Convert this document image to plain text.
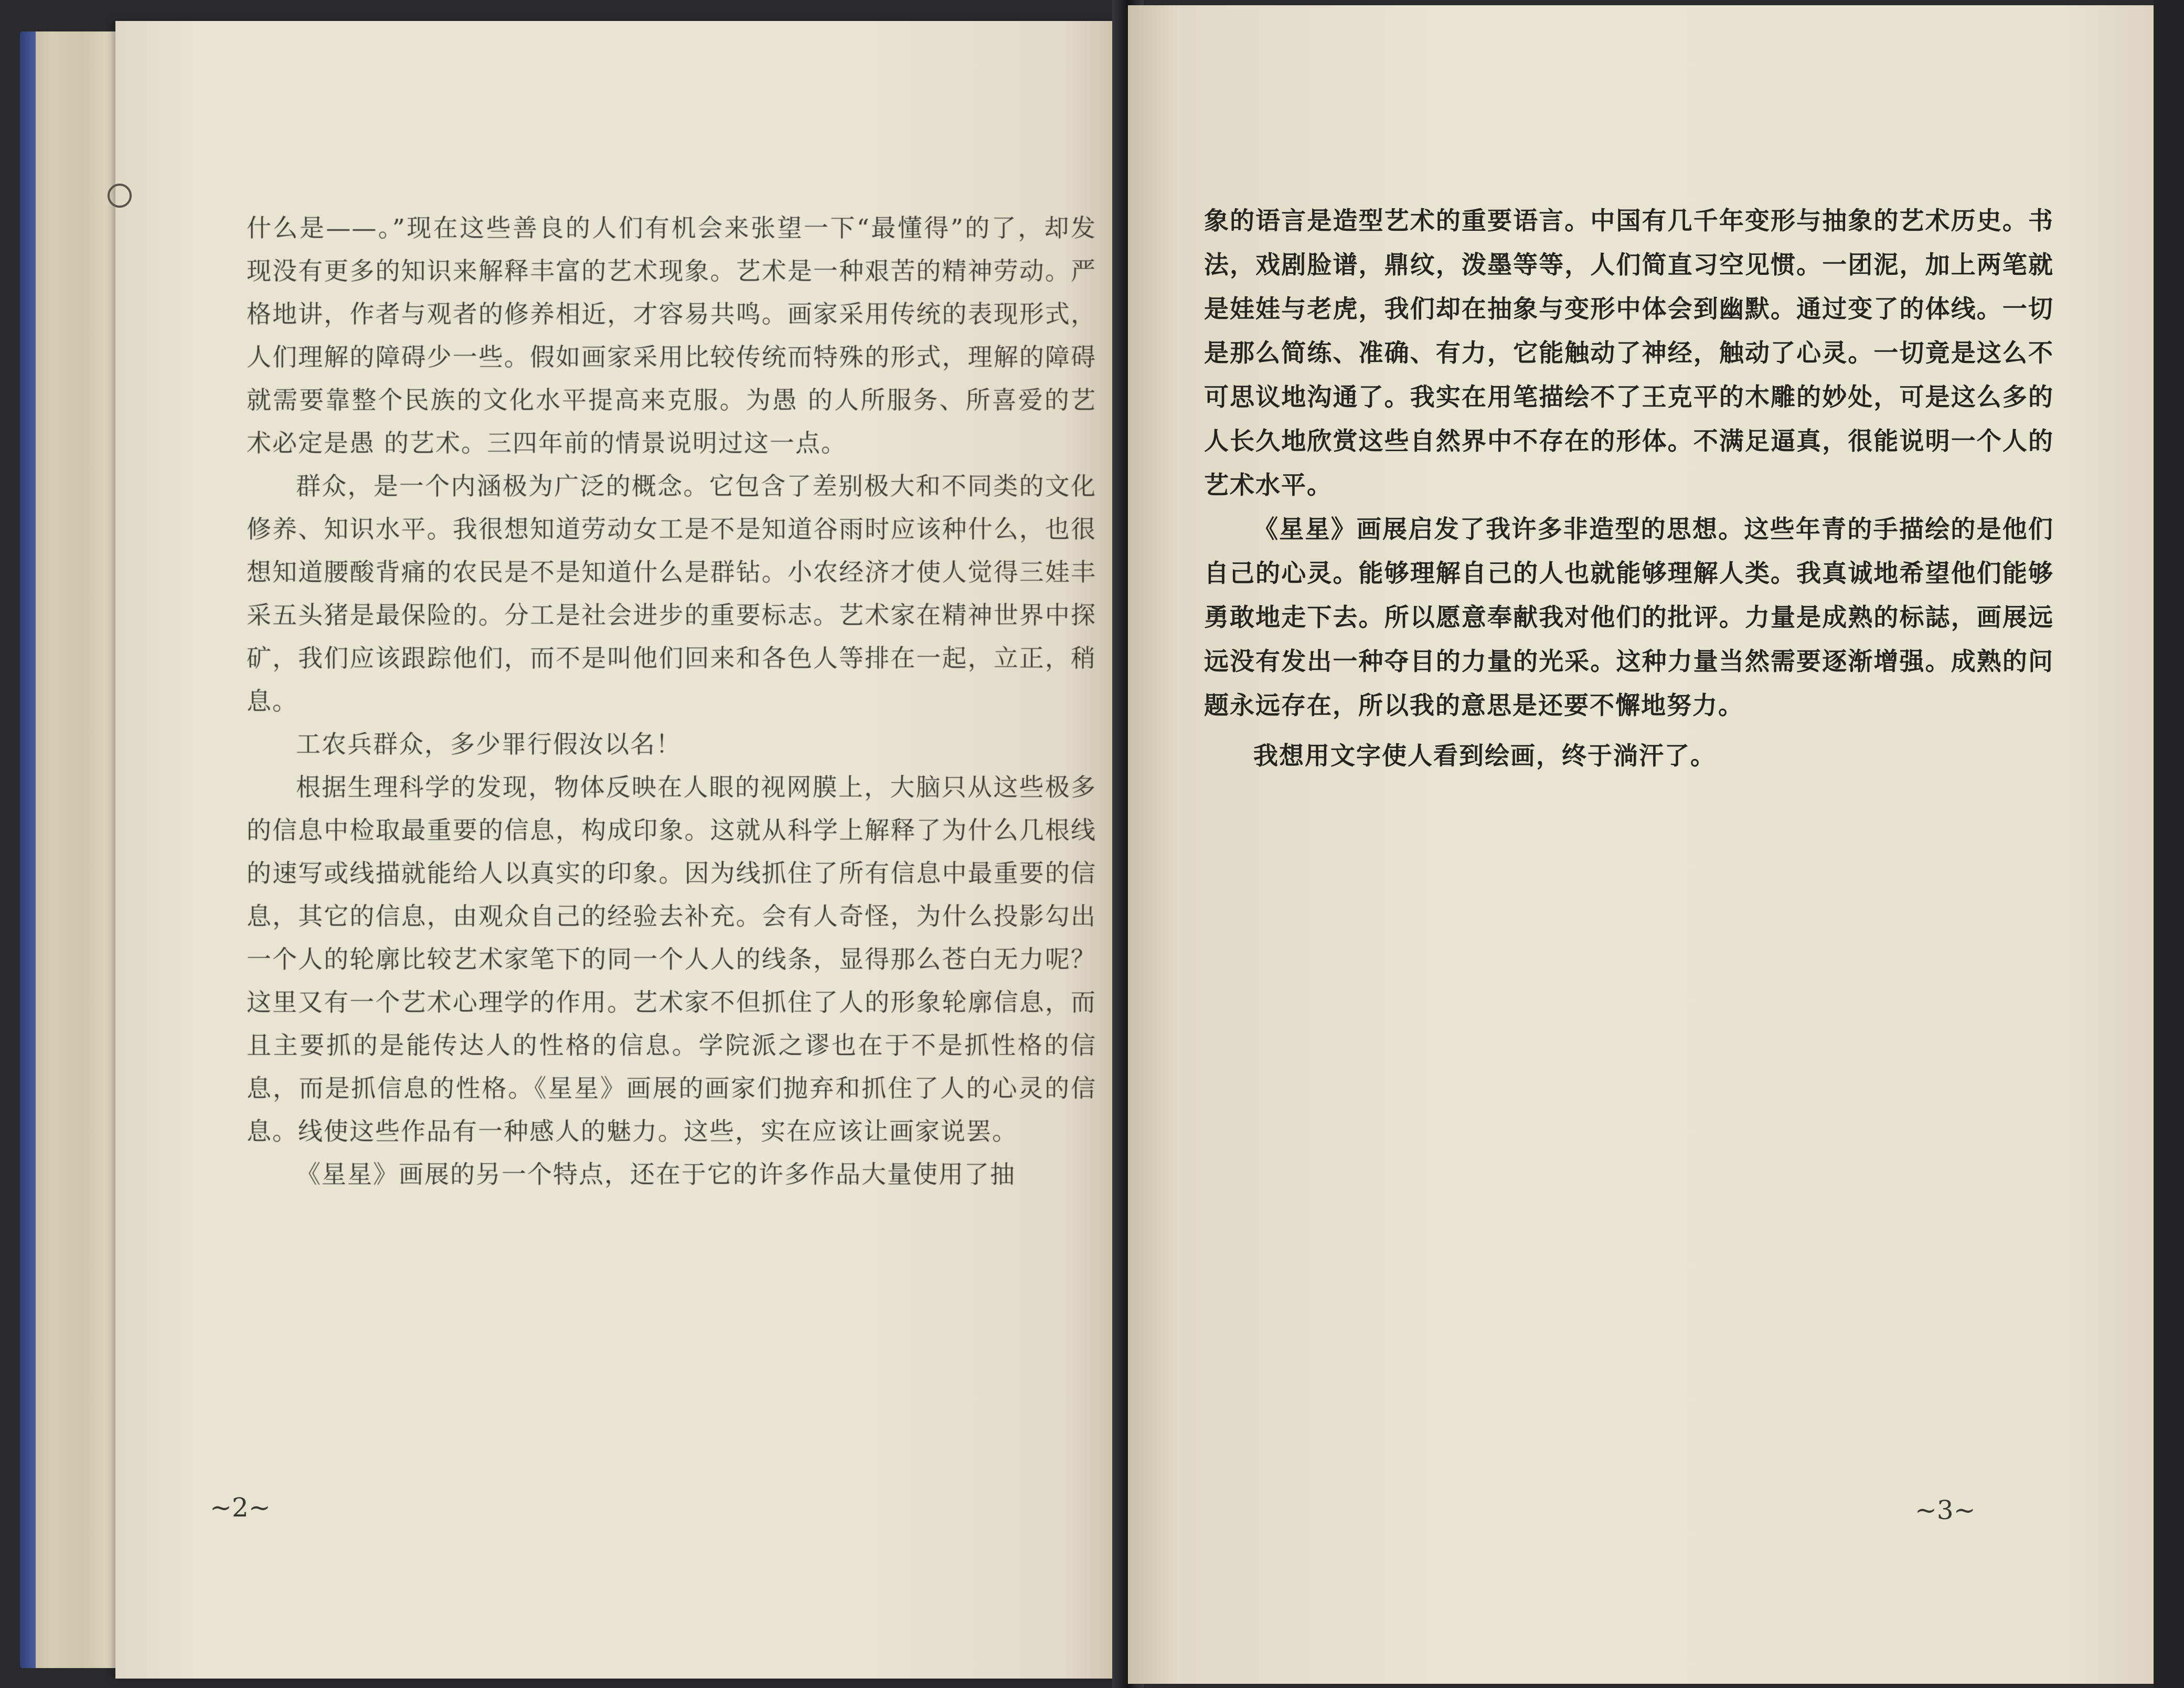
什么是——。”现在这些善良的人们有机会来张望一下“最懂得”的了，却发现没有更多的知识来解释丰富的艺术现象。艺术是一种艰苦的精神劳动。严格地讲，作者与观者的修养相近，才容易共鸣。画家采用传统的表现形式，人们理解的障碍少一些。假如画家采用比较传统而特殊的形式，理解的障碍就需要靠整个民族的文化水平提高来克服。为愚 的人所服务、所喜爱的艺术必定是愚 的艺术。三四年前的情景说明过这一点。

群众，是一个内涵极为广泛的概念。它包含了差别极大和不同类的文化修养、知识水平。我很想知道劳动女工是不是知道谷雨时应该种什么，也很想知道腰酸背痛的农民是不是知道什么是群钻。小农经济才使人觉得三娃丰采五头猪是最保险的。分工是社会进步的重要标志。艺术家在精神世界中探矿，我们应该跟踪他们，而不是叫他们回来和各色人等排在一起，立正，稍息。

工农兵群众，多少罪行假汝以名！

根据生理科学的发现，物体反映在人眼的视网膜上，大脑只从这些极多的信息中检取最重要的信息，构成印象。这就从科学上解释了为什么几根线的速写或线描就能给人以真实的印象。因为线抓住了所有信息中最重要的信息，其它的信息，由观众自己的经验去补充。会有人奇怪，为什么投影勾出一个人的轮廓比较艺术家笔下的同一个人人的线条，显得那么苍白无力呢？这里又有一个艺术心理学的作用。艺术家不但抓住了人的形象轮廓信息，而且主要抓的是能传达人的性格的信息。学院派之谬也在于不是抓性格的信息，而是抓信息的性格。《星星》画展的画家们抛弃和抓住了人的心灵的信息。线使这些作品有一种感人的魅力。这些，实在应该让画家说罢。

《星星》画展的另一个特点，还在于它的许多作品大量使用了抽

象的语言是造型艺术的重要语言。中国有几千年变形与抽象的艺术历史。书法，戏剧脸谱，鼎纹，泼墨等等，人们简直习空见惯。一团泥，加上两笔就是娃娃与老虎，我们却在抽象与变形中体会到幽默。通过变了的体线。一切是那么简练、准确、有力，它能触动了神经，触动了心灵。一切竟是这么不可思议地沟通了。我实在用笔描绘不了王克平的木雕的妙处，可是这么多的人长久地欣赏这些自然界中不存在的形体。不满足逼真，很能说明一个人的艺术水平。

《星星》画展启发了我许多非造型的思想。这些年青的手描绘的是他们自己的心灵。能够理解自己的人也就能够理解人类。我真诚地希望他们能够勇敢地走下去。所以愿意奉献我对他们的批评。力量是成熟的标誌，画展远远没有发出一种夺目的力量的光采。这种力量当然需要逐渐增强。成熟的问题永远存在，所以我的意思是还要不懈地努力。

我想用文字使人看到绘画，终于淌汗了。

~2~	~3~
